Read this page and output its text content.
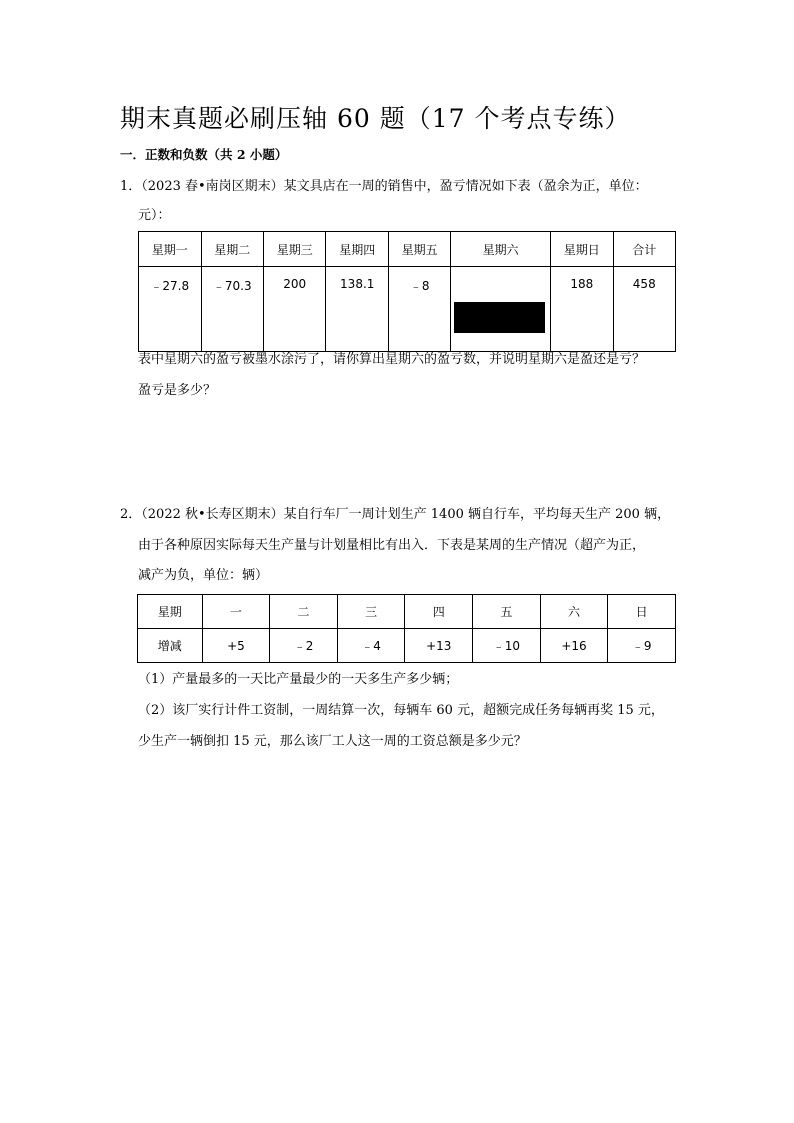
期末真题必刷压轴 60 题（17 个考点专练）
一．正数和负数（共 2 小题）
1．（2023 春•南岗区期末）某文具店在一周的销售中，盈亏情况如下表（盈余为正，单位：
元）：
星期一	星期二	星期三	星期四	星期五	星期六	星期日	合计
﹣27.8	﹣70.3	200	138.1	﹣8		188	458
表中星期六的盈亏被墨水涂污了，请你算出星期六的盈亏数，并说明星期六是盈还是亏？
盈亏是多少？
2．（2022 秋•长寿区期末）某自行车厂一周计划生产 1400 辆自行车，平均每天生产 200 辆，
由于各种原因实际每天生产量与计划量相比有出入．下表是某周的生产情况（超产为正，
减产为负，单位：辆）
星期	一	二	三	四	五	六	日
增减	+5	﹣2	﹣4	+13	﹣10	+16	﹣9
（1）产量最多的一天比产量最少的一天多生产多少辆；
（2）该厂实行计件工资制，一周结算一次，每辆车 60 元，超额完成任务每辆再奖 15 元，
少生产一辆倒扣 15 元，那么该厂工人这一周的工资总额是多少元？
